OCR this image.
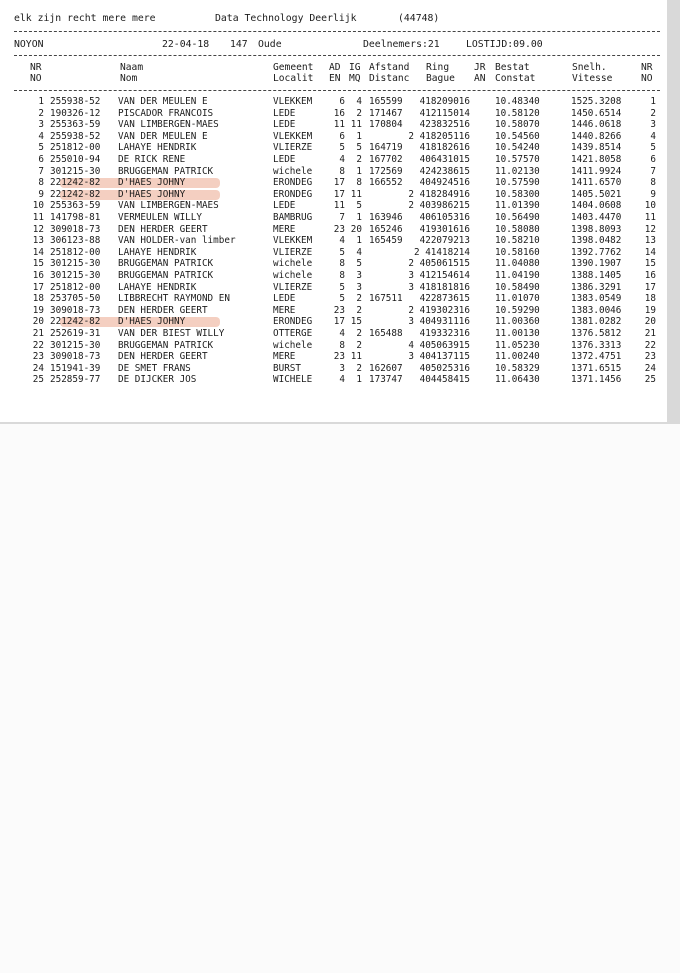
elk zijn recht mere mere	Data Technology Deerlijk	(44748)
NOYON	22-04-18 147 Oude	Deelnemers:21	LOSTIJD:09.00
NR	Naam	Gemeent AD IG Afstand Ring	JR Bestat	Snelh.	NR
NO	Nom	Localit EN MQ Distanc Bague AN Constat	Vitesse	NO
1 255938-52 VAN DER MEULEN E	VLEKKEM	6 4 165599 418209016	10.48340	1525.3208	1
2 190326-12 PISCADOR FRANCOIS	LEDE	16 2 171467 412115014	10.58120	1450.6514	2
3 255363-59 VAN LIMBERGEN-MAES	LEDE	11 11 170804 423832516	10.58070	1446.0618	3
4 255938-52 VAN DER MEULEN E	VLEKKEM	6 1	2 418205116	10.54560	1440.8266	4
5 251812-00 LAHAYE HENDRIK	VLIERZE	5 5 164719 418182616	10.54240	1439.8514	5
6 255010-94 DE RICK RENE	LEDE	4 2 167702 406431015	10.57570	1421.8058	6
7 301215-30 BRUGGEMAN PATRICK	wichele	8 1 172569 424238615	11.02130	1411.9924	7
8 221242-82 D'HAES JOHNY	ERONDEG 17 8 166552 404924516	10.57590	1411.6570	8
9 221242-82 D'HAES JOHNY	ERONDEG 17 11	2 418284916	10.58300	1405.5021	9
10 255363-59 VAN LIMBERGEN-MAES	LEDE	11 5	2 403986215	11.01390	1404.0608	10
11 141798-81 VERMEULEN WILLY	BAMBRUG	7 1 163946 406105316	10.56490	1403.4470	11
12 309018-73 DEN HERDER GEERT	MERE	23 20 165246 419301616	10.58080	1398.8093	12
13 306123-88 VAN HOLDER-van limber	VLEKKEM	4 1 165459 422079213	10.58210	1398.0482	13
14 251812-00 LAHAYE HENDRIK	VLIERZE	5 4	2 41418214	10.58160	1392.7762	14
15 301215-30 BRUGGEMAN PATRICK	wichele	8 5	2 405061515	11.04080	1390.1907	15
16 301215-30 BRUGGEMAN PATRICK	wichele	8 3	3 412154614	11.04190	1388.1405	16
17 251812-00 LAHAYE HENDRIK	VLIERZE	5 3	3 418181816	10.58490	1386.3291	17
18 253705-50 LIBBRECHT RAYMOND EN	LEDE	5 2 167511 422873615	11.01070	1383.0549	18
19 309018-73 DEN HERDER GEERT	MERE	23 2	2 419302316	10.59290	1383.0046	19
20 221242-82 D'HAES JOHNY	ERONDEG 17 15	3 404931116	11.00360	1381.0282	20
21 252619-31 VAN DER BIEST WILLY	OTTERGE	4 2 165488 419332316	11.00130	1376.5812	21
22 301215-30 BRUGGEMAN PATRICK	wichele	8 2	4 405063915	11.05230	1376.3313	22
23 309018-73 DEN HERDER GEERT	MERE	23 11	3 404137115	11.00240	1372.4751	23
24 151941-39 DE SMET FRANS	BURST	3 2 162607 405025316	10.58329	1371.6515	24
25 252859-77 DE DIJCKER JOS	WICHELE	4 1 173747 404458415	11.06430	1371.1456	25
